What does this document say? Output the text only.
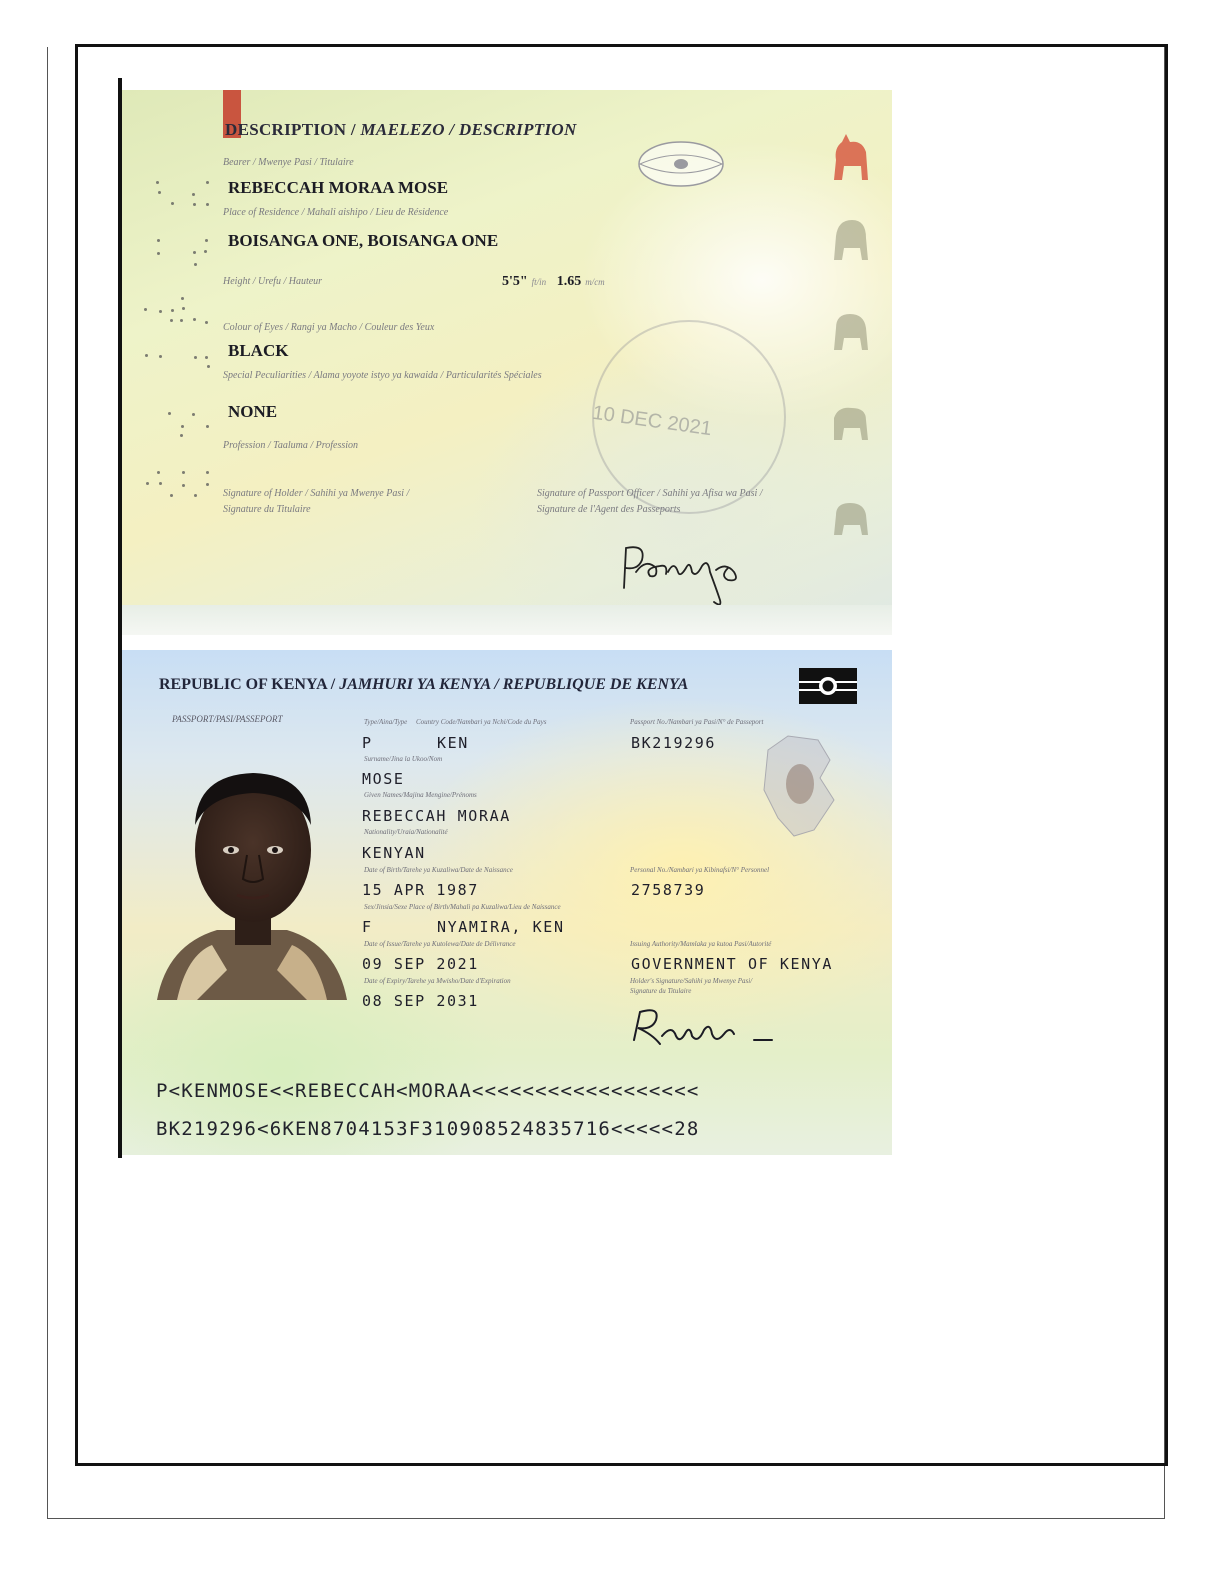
DESCRIPTION / MAELEZO / DESCRIPTION
10 DEC 2021
Bearer / Mwenye Pasi / Titulaire
REBECCAH MORAA MOSE
Place of Residence / Mahali aishipo / Lieu de Résidence
BOISANGA ONE, BOISANGA ONE
Height / Urefu / Hauteur	5'5" ft/in 1.65 m/cm
Colour of Eyes / Rangi ya Macho / Couleur des Yeux
BLACK
Special Peculiarities / Alama yoyote istyo ya kawaida / Particularités Spéciales
NONE
Profession / Taaluma / Profession
Signature of Holder / Sahihi ya Mwenye Pasi /
Signature du Titulaire
Signature of Passport Officer / Sahihi ya Afisa wa Pasi /
Signature de l'Agent des Passeports
REPUBLIC OF KENYA / JAMHURI YA KENYA / REPUBLIQUE DE KENYA
PASSPORT/PASI/PASSEPORT	Type/Aina/Type Country Code/Nambari ya Nchi/Code du Pays	Passport No./Nambari ya Pasi/N° de Passeport
P	KEN	BK219296
Surname/Jina la Ukoo/Nom
MOSE
Given Names/Majina Mengine/Prénoms
REBECCAH MORAA
Nationality/Uraia/Nationalité
KENYAN
Date of Birth/Tarehe ya Kuzaliwa/Date de Naissance	Personal No./Nambari ya Kibinafsi/N° Personnel
15 APR 1987	2758739
Sex/Jinsia/Sexe Place of Birth/Mahali pa Kuzaliwa/Lieu de Naissance
F	NYAMIRA, KEN
Date of Issue/Tarehe ya Kutolewa/Date de Délivrance	Issuing Authority/Mamlaka ya kutoa Pasi/Autorité
09 SEP 2021	GOVERNMENT OF KENYA
Date of Expiry/Tarehe ya Mwisho/Date d'Expiration	Holder's Signature/Sahihi ya Mwenye Pasi/
Signature du Titulaire
08 SEP 2031
P<KENMOSE<<REBECCAH<MORAA<<<<<<<<<<<<<<<<<<
BK219296<6KEN8704153F310908524835716<<<<<28
